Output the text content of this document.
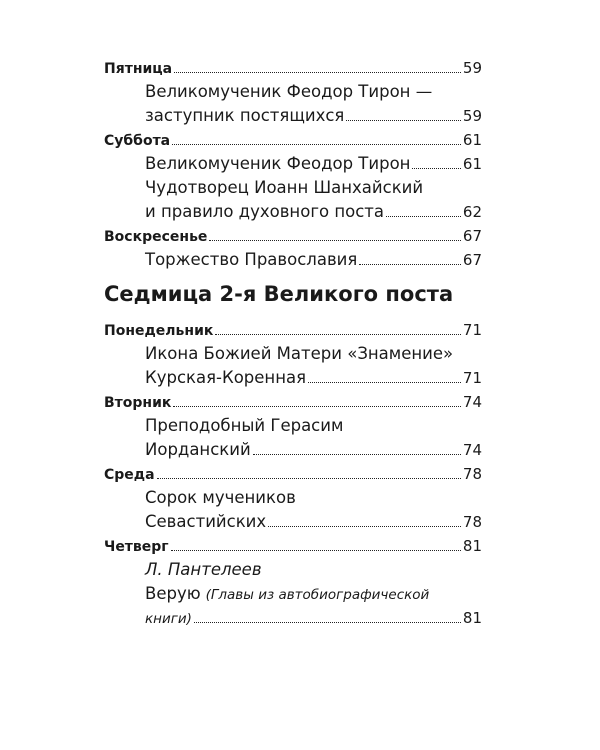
Пятница	59
Великомученик Феодор Тирон —
заступник постящихся	59
Суббота	61
Великомученик Феодор Тирон	61
Чудотворец Иоанн Шанхайский
и правило духовного поста	62
Воскресенье	67
Торжество Православия	67
Седмица 2-я Великого поста
Понедельник	71
Икона Божией Матери «Знамение»
Курская-Коренная	71
Вторник	74
Преподобный Герасим
Иорданский	74
Среда	78
Сорок мучеников
Севастийских	78
Четверг	81
Л. Пантелеев
Верую (Главы из автобиографической
книги)	81
